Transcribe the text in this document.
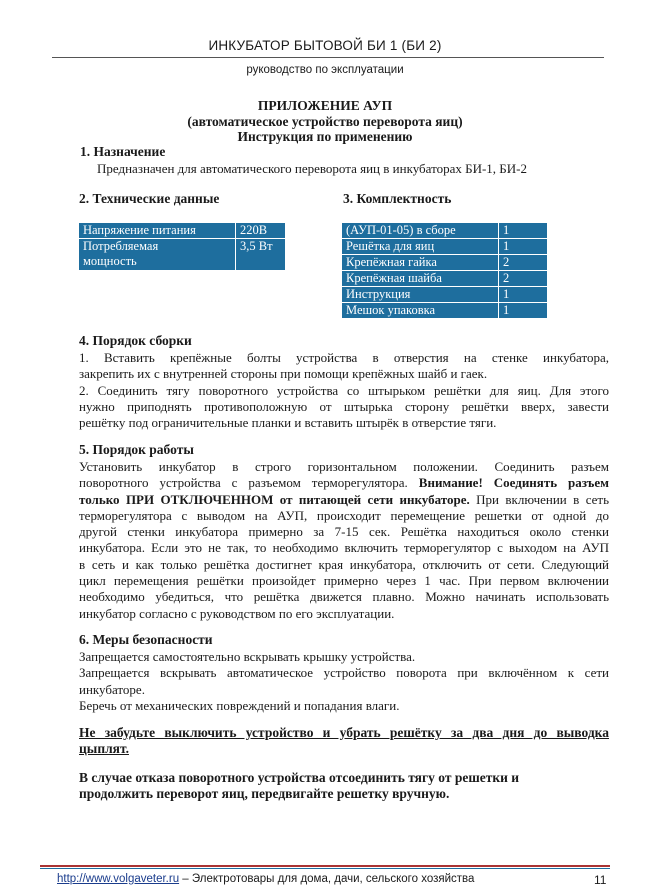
ИНКУБАТОР БЫТОВОЙ БИ 1 (БИ 2)
руководство по эксплуатации
ПРИЛОЖЕНИЕ АУП
(автоматическое устройство переворота яиц)
Инструкция по применению
1. Назначение
Предназначен для автоматического переворота яиц в инкубаторах БИ-1, БИ-2
2. Технические данные	3. Комплектность
Напряжение питания	220В
Потребляемая
мощность	3,5 Вт
(АУП-01-05) в сборе	1
Решётка для яиц	1
Крепёжная гайка	2
Крепёжная шайба	2
Инструкция	1
Мешок упаковка	1
4. Порядок сборки
1. Вставить крепёжные болты устройства в отверстия на стенке инкубатора,
закрепить их с внутренней стороны при помощи крепёжных шайб и гаек.
2. Соединить тягу поворотного устройства со штырьком решётки для яиц. Для этого
нужно приподнять противоположную от штырька сторону решётки вверх, завести
решётку под ограничительные планки и вставить штырёк в отверстие тяги.
5. Порядок работы
Установить инкубатор в строго горизонтальном положении. Соединить разъем
поворотного устройства с разъемом терморегулятора. Внимание! Соединять разъем
только ПРИ ОТКЛЮЧЕННОМ от питающей сети инкубаторе. При включении в сеть
терморегулятора с выводом на АУП, происходит перемещение решетки от одной до
другой стенки инкубатора примерно за 7-15 сек. Решётка находиться около стенки
инкубатора. Если это не так, то необходимо включить терморегулятор с выходом на АУП
в сеть и как только решётка достигнет края инкубатора, отключить от сети. Следующий
цикл перемещения решётки произойдет примерно через 1 час. При первом включении
необходимо убедиться, что решётка движется плавно. Можно начинать использовать
инкубатор согласно с руководством по его эксплуатации.
6. Меры безопасности
Запрещается самостоятельно вскрывать крышку устройства.
Запрещается вскрывать автоматическое устройство поворота при включённом к сети
инкубаторе.
Беречь от механических повреждений и попадания влаги.
Не забудьте выключить устройство и убрать решётку за два дня до выводка
цыплят.
В случае отказа поворотного устройства отсоединить тягу от решетки и
продолжить переворот яиц, передвигайте решетку вручную.
http://www.volgaveter.ru – Электротовары для дома, дачи, сельского хозяйства	11
